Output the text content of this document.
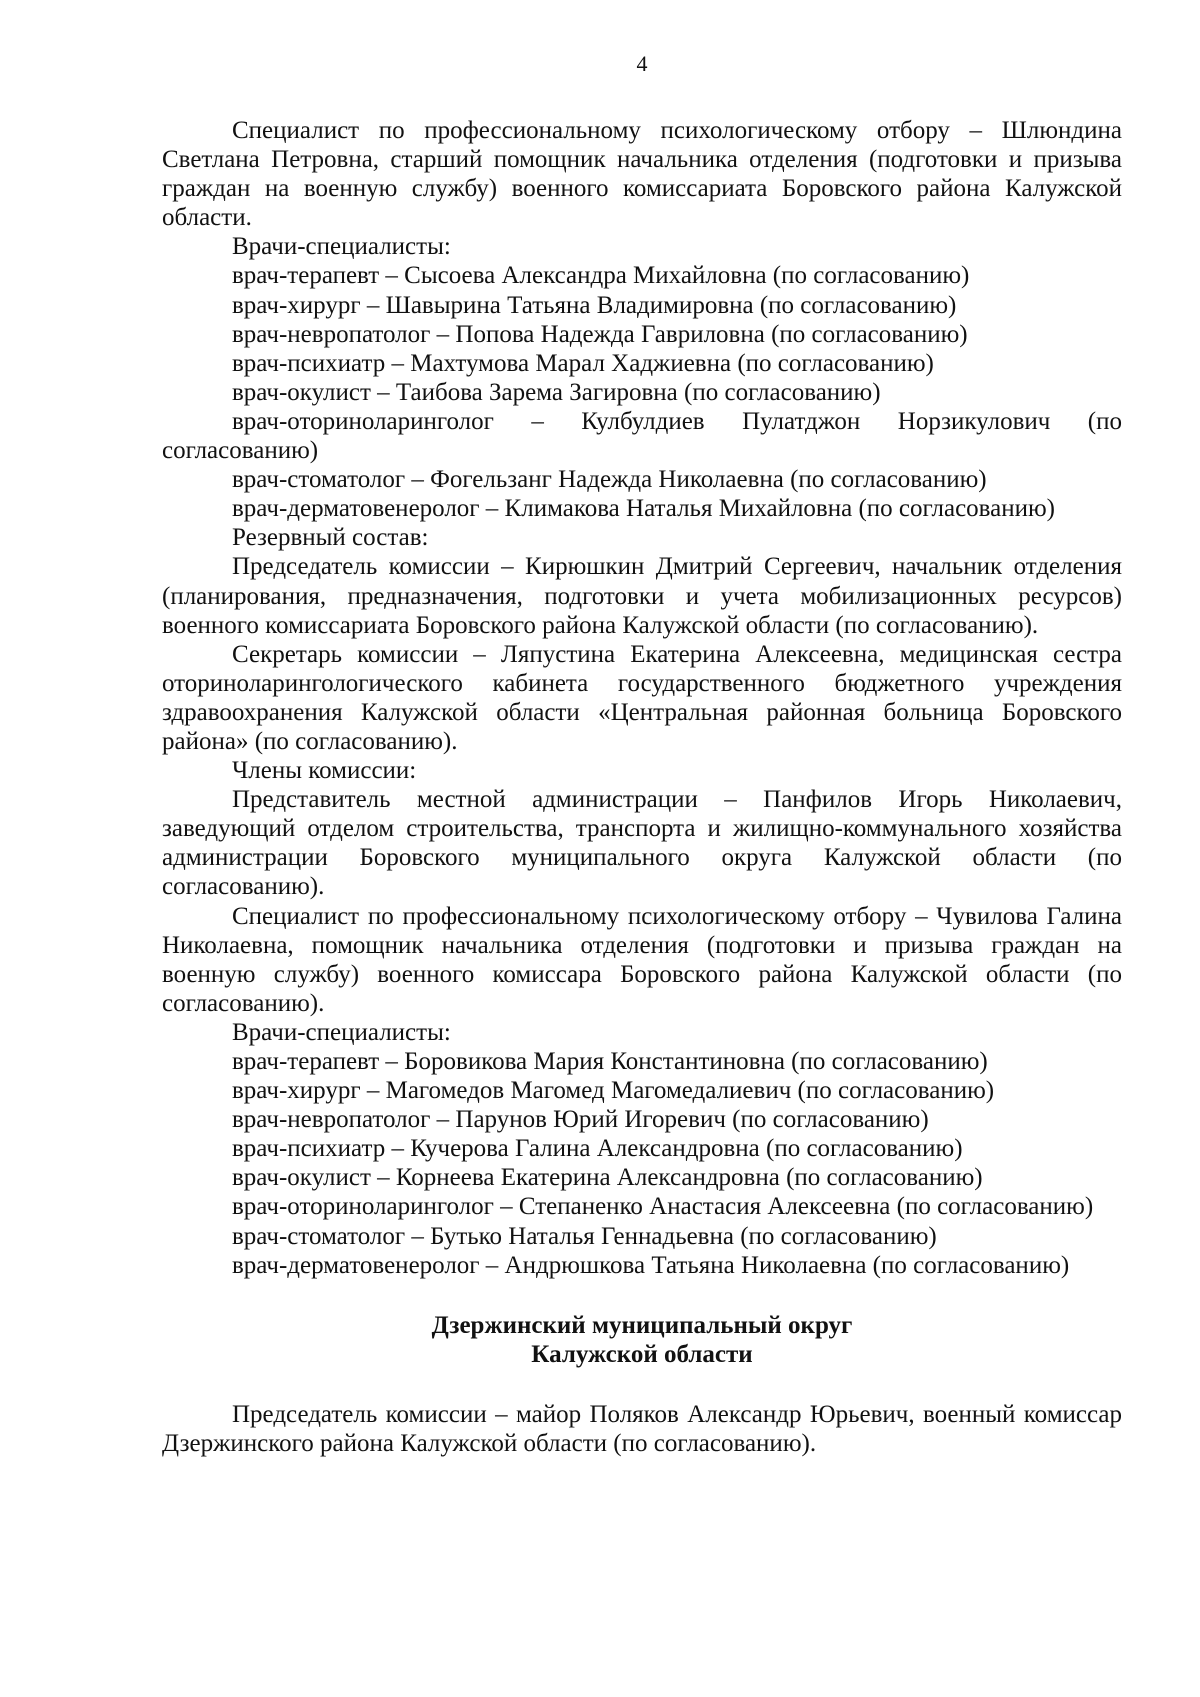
4

Специалист по профессиональному психологическому отбору – Шлюндина Светлана Петровна, старший помощник начальника отделения (подготовки и призыва граждан на военную службу) военного комиссариата Боровского района Калужской области.

Врачи-специалисты:

врач-терапевт – Сысоева Александра Михайловна (по согласованию)

врач-хирург – Шавырина Татьяна Владимировна (по согласованию)

врач-невропатолог – Попова Надежда Гавриловна (по согласованию)

врач-психиатр – Махтумова Марал Хаджиевна (по согласованию)

врач-окулист – Таибова Зарема Загировна (по согласованию)

врач-оториноларинголог – Кулбулдиев Пулатджон Норзикулович (по согласованию)

врач-стоматолог – Фогельзанг Надежда Николаевна (по согласованию)

врач-дерматовенеролог – Климакова Наталья Михайловна (по согласованию)

Резервный состав:

Председатель комиссии – Кирюшкин Дмитрий Сергеевич, начальник отделения (планирования, предназначения, подготовки и учета мобилизационных ресурсов) военного комиссариата Боровского района Калужской области (по согласованию).

Секретарь комиссии – Ляпустина Екатерина Алексеевна, медицинская сестра оториноларингологического кабинета государственного бюджетного учреждения здравоохранения Калужской области «Центральная районная больница Боровского района» (по согласованию).

Члены комиссии:

Представитель местной администрации – Панфилов Игорь Николаевич, заведующий отделом строительства, транспорта и жилищно-коммунального хозяйства администрации Боровского муниципального округа Калужской области (по согласованию).

Специалист по профессиональному психологическому отбору – Чувилова Галина Николаевна, помощник начальника отделения (подготовки и призыва граждан на военную службу) военного комиссара Боровского района Калужской области (по согласованию).

Врачи-специалисты:

врач-терапевт – Боровикова Мария Константиновна (по согласованию)

врач-хирург – Магомедов Магомед Магомедалиевич (по согласованию)

врач-невропатолог – Парунов Юрий Игоревич (по согласованию)

врач-психиатр – Кучерова Галина Александровна (по согласованию)

врач-окулист – Корнеева Екатерина Александровна (по согласованию)

врач-оториноларинголог – Степаненко Анастасия Алексеевна (по согласованию)

врач-стоматолог – Бутько Наталья Геннадьевна (по согласованию)

врач-дерматовенеролог – Андрюшкова Татьяна Николаевна (по согласованию)

Дзержинский муниципальный округ
Калужской области

Председатель комиссии – майор Поляков Александр Юрьевич, военный комиссар Дзержинского района Калужской области (по согласованию).
